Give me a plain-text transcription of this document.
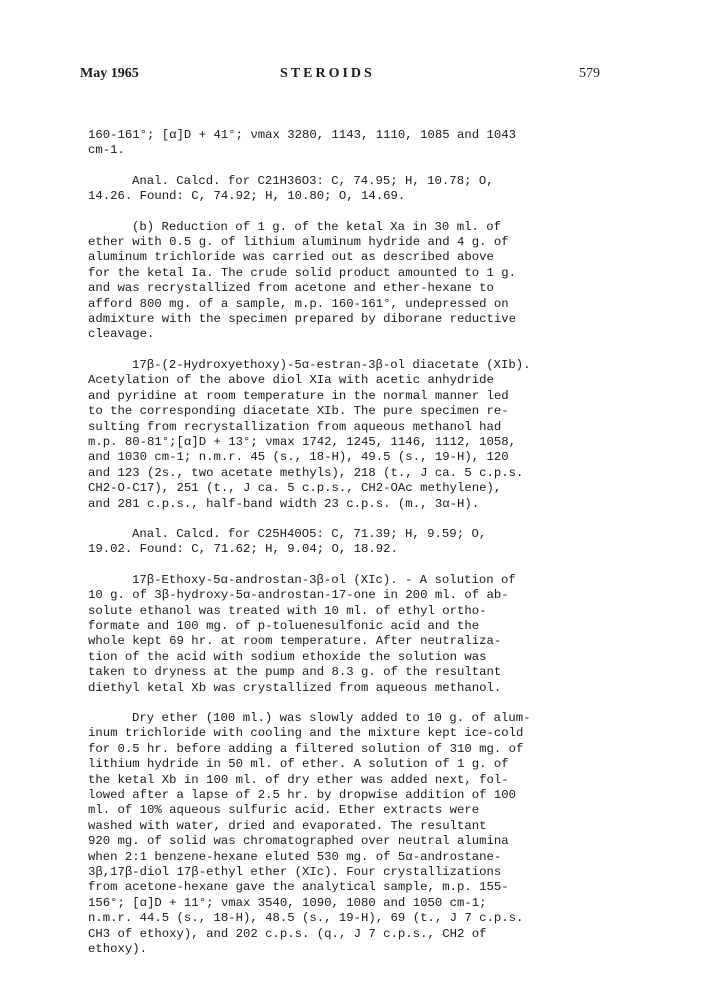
May 1965	STEROIDS	579
160-161°; [α]D + 41°; νmax 3280, 1143, 1110, 1085 and 1043
cm-1.
Anal. Calcd. for C21H36O3: C, 74.95; H, 10.78; O,
14.26. Found: C, 74.92; H, 10.80; O, 14.69.
(b) Reduction of 1 g. of the ketal Xa in 30 ml. of
ether with 0.5 g. of lithium aluminum hydride and 4 g. of
aluminum trichloride was carried out as described above
for the ketal Ia. The crude solid product amounted to 1 g.
and was recrystallized from acetone and ether-hexane to
afford 800 mg. of a sample, m.p. 160-161°, undepressed on
admixture with the specimen prepared by diborane reductive
cleavage.
17β-(2-Hydroxyethoxy)-5α-estran-3β-ol diacetate (XIb).
Acetylation of the above diol XIa with acetic anhydride
and pyridine at room temperature in the normal manner led
to the corresponding diacetate XIb. The pure specimen re-
sulting from recrystallization from aqueous methanol had
m.p. 80-81°;[α]D + 13°; νmax 1742, 1245, 1146, 1112, 1058,
and 1030 cm-1; n.m.r. 45 (s., 18-H), 49.5 (s., 19-H), 120
and 123 (2s., two acetate methyls), 218 (t., J ca. 5 c.p.s.
CH2-O-C17), 251 (t., J ca. 5 c.p.s., CH2-OAc methylene),
and 281 c.p.s., half-band width 23 c.p.s. (m., 3α-H).
Anal. Calcd. for C25H40O5: C, 71.39; H, 9.59; O,
19.02. Found: C, 71.62; H, 9.04; O, 18.92.
17β-Ethoxy-5α-androstan-3β-ol (XIc). - A solution of
10 g. of 3β-hydroxy-5α-androstan-17-one in 200 ml. of ab-
solute ethanol was treated with 10 ml. of ethyl ortho-
formate and 100 mg. of p-toluenesulfonic acid and the
whole kept 69 hr. at room temperature. After neutraliza-
tion of the acid with sodium ethoxide the solution was
taken to dryness at the pump and 8.3 g. of the resultant
diethyl ketal Xb was crystallized from aqueous methanol.
Dry ether (100 ml.) was slowly added to 10 g. of alum-
inum trichloride with cooling and the mixture kept ice-cold
for 0.5 hr. before adding a filtered solution of 310 mg. of
lithium hydride in 50 ml. of ether. A solution of 1 g. of
the ketal Xb in 100 ml. of dry ether was added next, fol-
lowed after a lapse of 2.5 hr. by dropwise addition of 100
ml. of 10% aqueous sulfuric acid. Ether extracts were
washed with water, dried and evaporated. The resultant
920 mg. of solid was chromatographed over neutral alumina
when 2:1 benzene-hexane eluted 530 mg. of 5α-androstane-
3β,17β-diol 17β-ethyl ether (XIc). Four crystallizations
from acetone-hexane gave the analytical sample, m.p. 155-
156°; [α]D + 11°; νmax 3540, 1090, 1080 and 1050 cm-1;
n.m.r. 44.5 (s., 18-H), 48.5 (s., 19-H), 69 (t., J 7 c.p.s.
CH3 of ethoxy), and 202 c.p.s. (q., J 7 c.p.s., CH2 of
ethoxy).
